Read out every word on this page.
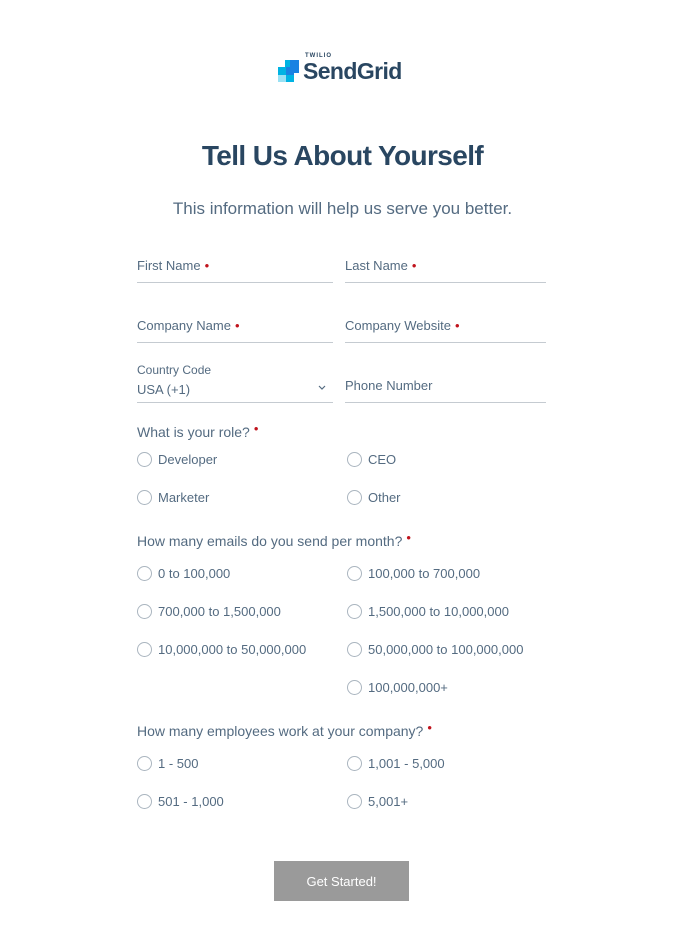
TWILIO
SendGrid
Tell Us About Yourself
This information will help us serve you better.
First Name •	Last Name •
Company Name •	Company Website •
Country Code
USA (+1)	Phone Number
What is your role? •
Developer	CEO
Marketer	Other
How many emails do you send per month? •
0 to 100,000	100,000 to 700,000
700,000 to 1,500,000	1,500,000 to 10,000,000
10,000,000 to 50,000,000	50,000,000 to 100,000,000
100,000,000+
How many employees work at your company? •
1 - 500	1,001 - 5,000
501 - 1,000	5,001+
Get Started!
